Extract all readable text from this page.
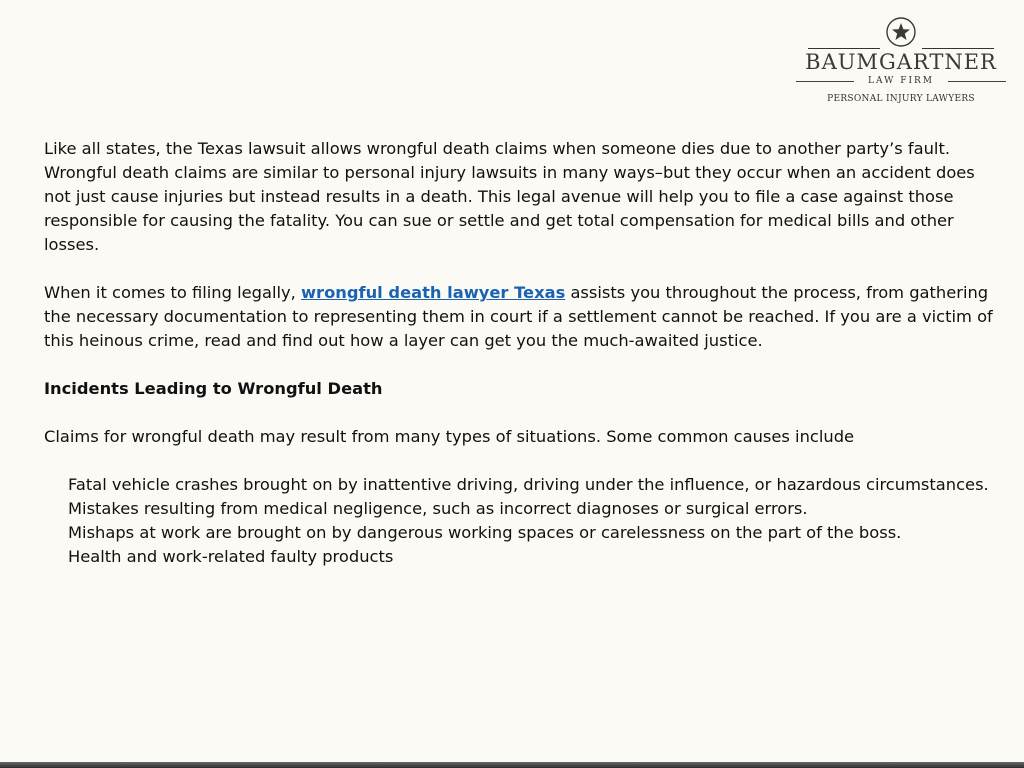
BAUMGARTNER
LAW FIRM
PERSONAL INJURY LAWYERS

Like all states, the Texas lawsuit allows wrongful death claims when someone dies due to another party’s fault. Wrongful death claims are similar to personal injury lawsuits in many ways–but they occur when an accident does not just cause injuries but instead results in a death. This legal avenue will help you to file a case against those responsible for causing the fatality. You can sue or settle and get total compensation for medical bills and other losses.

When it comes to filing legally, wrongful death lawyer Texas assists you throughout the process, from gathering the necessary documentation to representing them in court if a settlement cannot be reached. If you are a victim of this heinous crime, read and find out how a layer can get you the much-awaited justice.

Incidents Leading to Wrongful Death

Claims for wrongful death may result from many types of situations. Some common causes include

Fatal vehicle crashes brought on by inattentive driving, driving under the influence, or hazardous circumstances.

Mistakes resulting from medical negligence, such as incorrect diagnoses or surgical errors.

Mishaps at work are brought on by dangerous working spaces or carelessness on the part of the boss.

Health and work-related faulty products
